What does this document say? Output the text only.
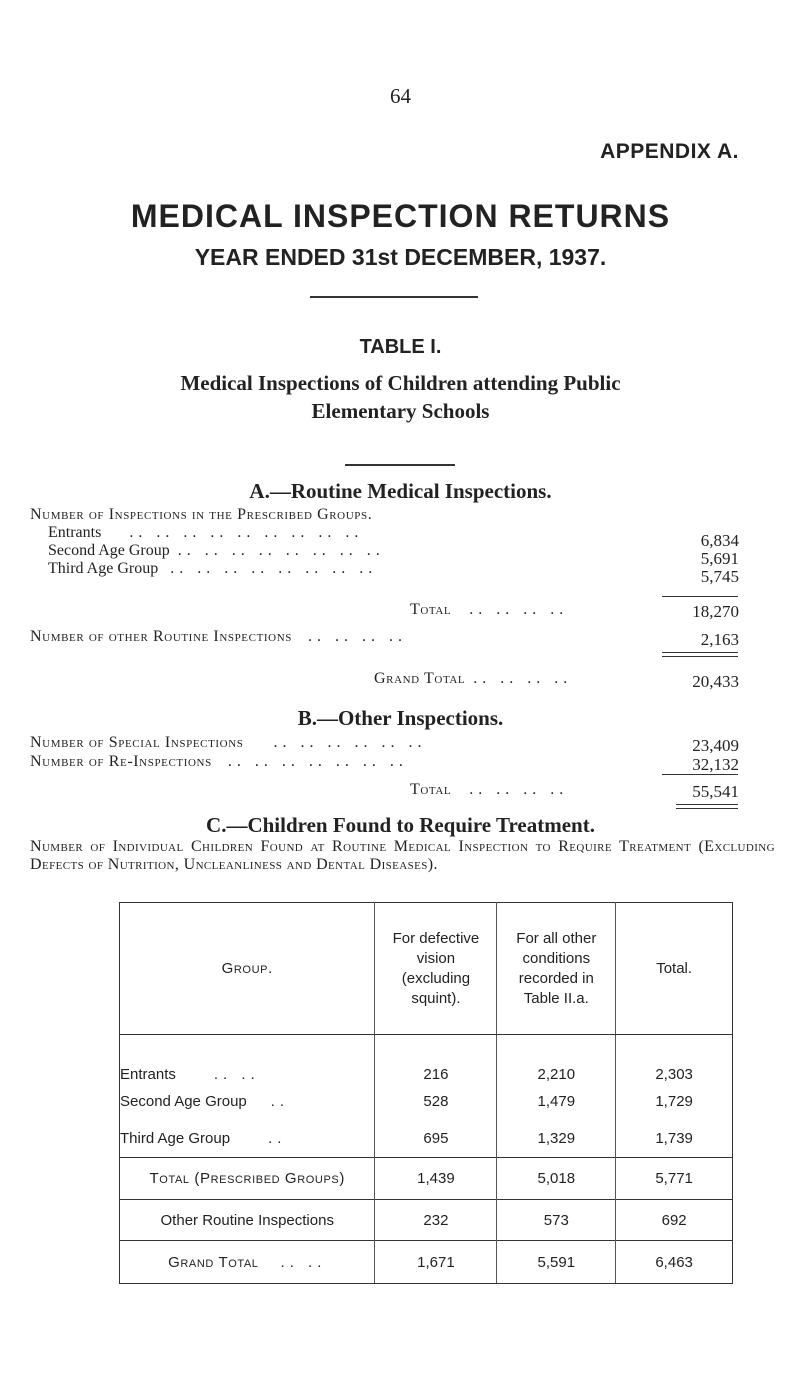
64
APPENDIX A.
MEDICAL INSPECTION RETURNS
YEAR ENDED 31st DECEMBER, 1937.
TABLE I.
Medical Inspections of Children attending Public
Elementary Schools
A.—Routine Medical Inspections.
Number of Inspections in the Prescribed Groups.
Entrants .. .. .. .. .. .. .. .. ..	6,834
Second Age Group .. .. .. .. .. .. .. ..	5,691
Third Age Group .. .. .. .. .. .. .. ..	5,745
Total .. .. .. ..	18,270
Number of other Routine Inspections .. .. .. ..	2,163
Grand Total .. .. .. ..	20,433
B.—Other Inspections.
Number of Special Inspections .. .. .. .. .. ..	23,409
Number of Re-Inspections .. .. .. .. .. .. ..	32,132
Total .. .. .. ..	55,541
C.—Children Found to Require Treatment.
Number of Individual Children Found at Routine Medical Inspection to Require Treatment (Excluding Defects of Nutrition, Uncleanliness and Dental Diseases).
Group.	For defective vision (excluding squint).	For all other conditions recorded in Table II.a.	Total.
Entrants .. ..	216	2,210	2,303
Second Age Group ..	528	1,479	1,729
Third Age Group ..	695	1,329	1,739
Total (Prescribed Groups)	1,439	5,018	5,771
Other Routine Inspections	232	573	692
Grand Total .. ..	1,671	5,591	6,463
